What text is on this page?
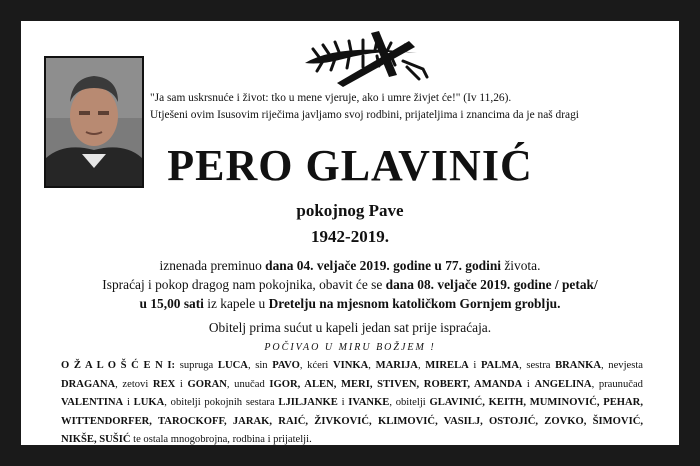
"Ja sam uskrsnuće i život: tko u mene vjeruje, ako i umre živjet će!" (Iv 11,26).
Utješeni ovim Isusovim riječima javljamo svoj rodbini, prijateljima i znancima da je naš dragi
PERO GLAVINIĆ
pokojnog Pave
1942-2019.
iznenada preminuo dana 04. veljače 2019. godine u 77. godini života.
Ispraćaj i pokop dragog nam pokojnika, obavit će se dana 08. veljače 2019. godine / petak/
u 15,00 sati iz kapele u Dretelju na mjesnom katoličkom Gornjem groblju.
Obitelj prima sućut u kapeli jedan sat prije ispraćaja.
POČIVAO U MIRU BOŽJEM !
O Ž A L O Š Ć E N I: supruga LUCA, sin PAVO, kćeri VINKA, MARIJA, MIRELA i PALMA, sestra BRANKA, nevjesta DRAGANA, zetovi REX i GORAN, unučad IGOR, ALEN, MERI, STIVEN, ROBERT, AMANDA i ANGELINA, praunučad VALENTINA i LUKA, obitelji pokojnih sestara LJILJANKE i IVANKE, obitelji GLAVINIĆ, KEITH, MUMINOVIĆ, PEHAR, WITTENDORFER, TAROCKOFF, JARAK, RAIĆ, ŽIVKOVIĆ, KLIMOVIĆ, VASILJ, OSTOJIĆ, ZOVKO, ŠIMOVIĆ, NIKŠE, SUŠIĆ te ostala mnogobrojna, rodbina i prijatelji.
